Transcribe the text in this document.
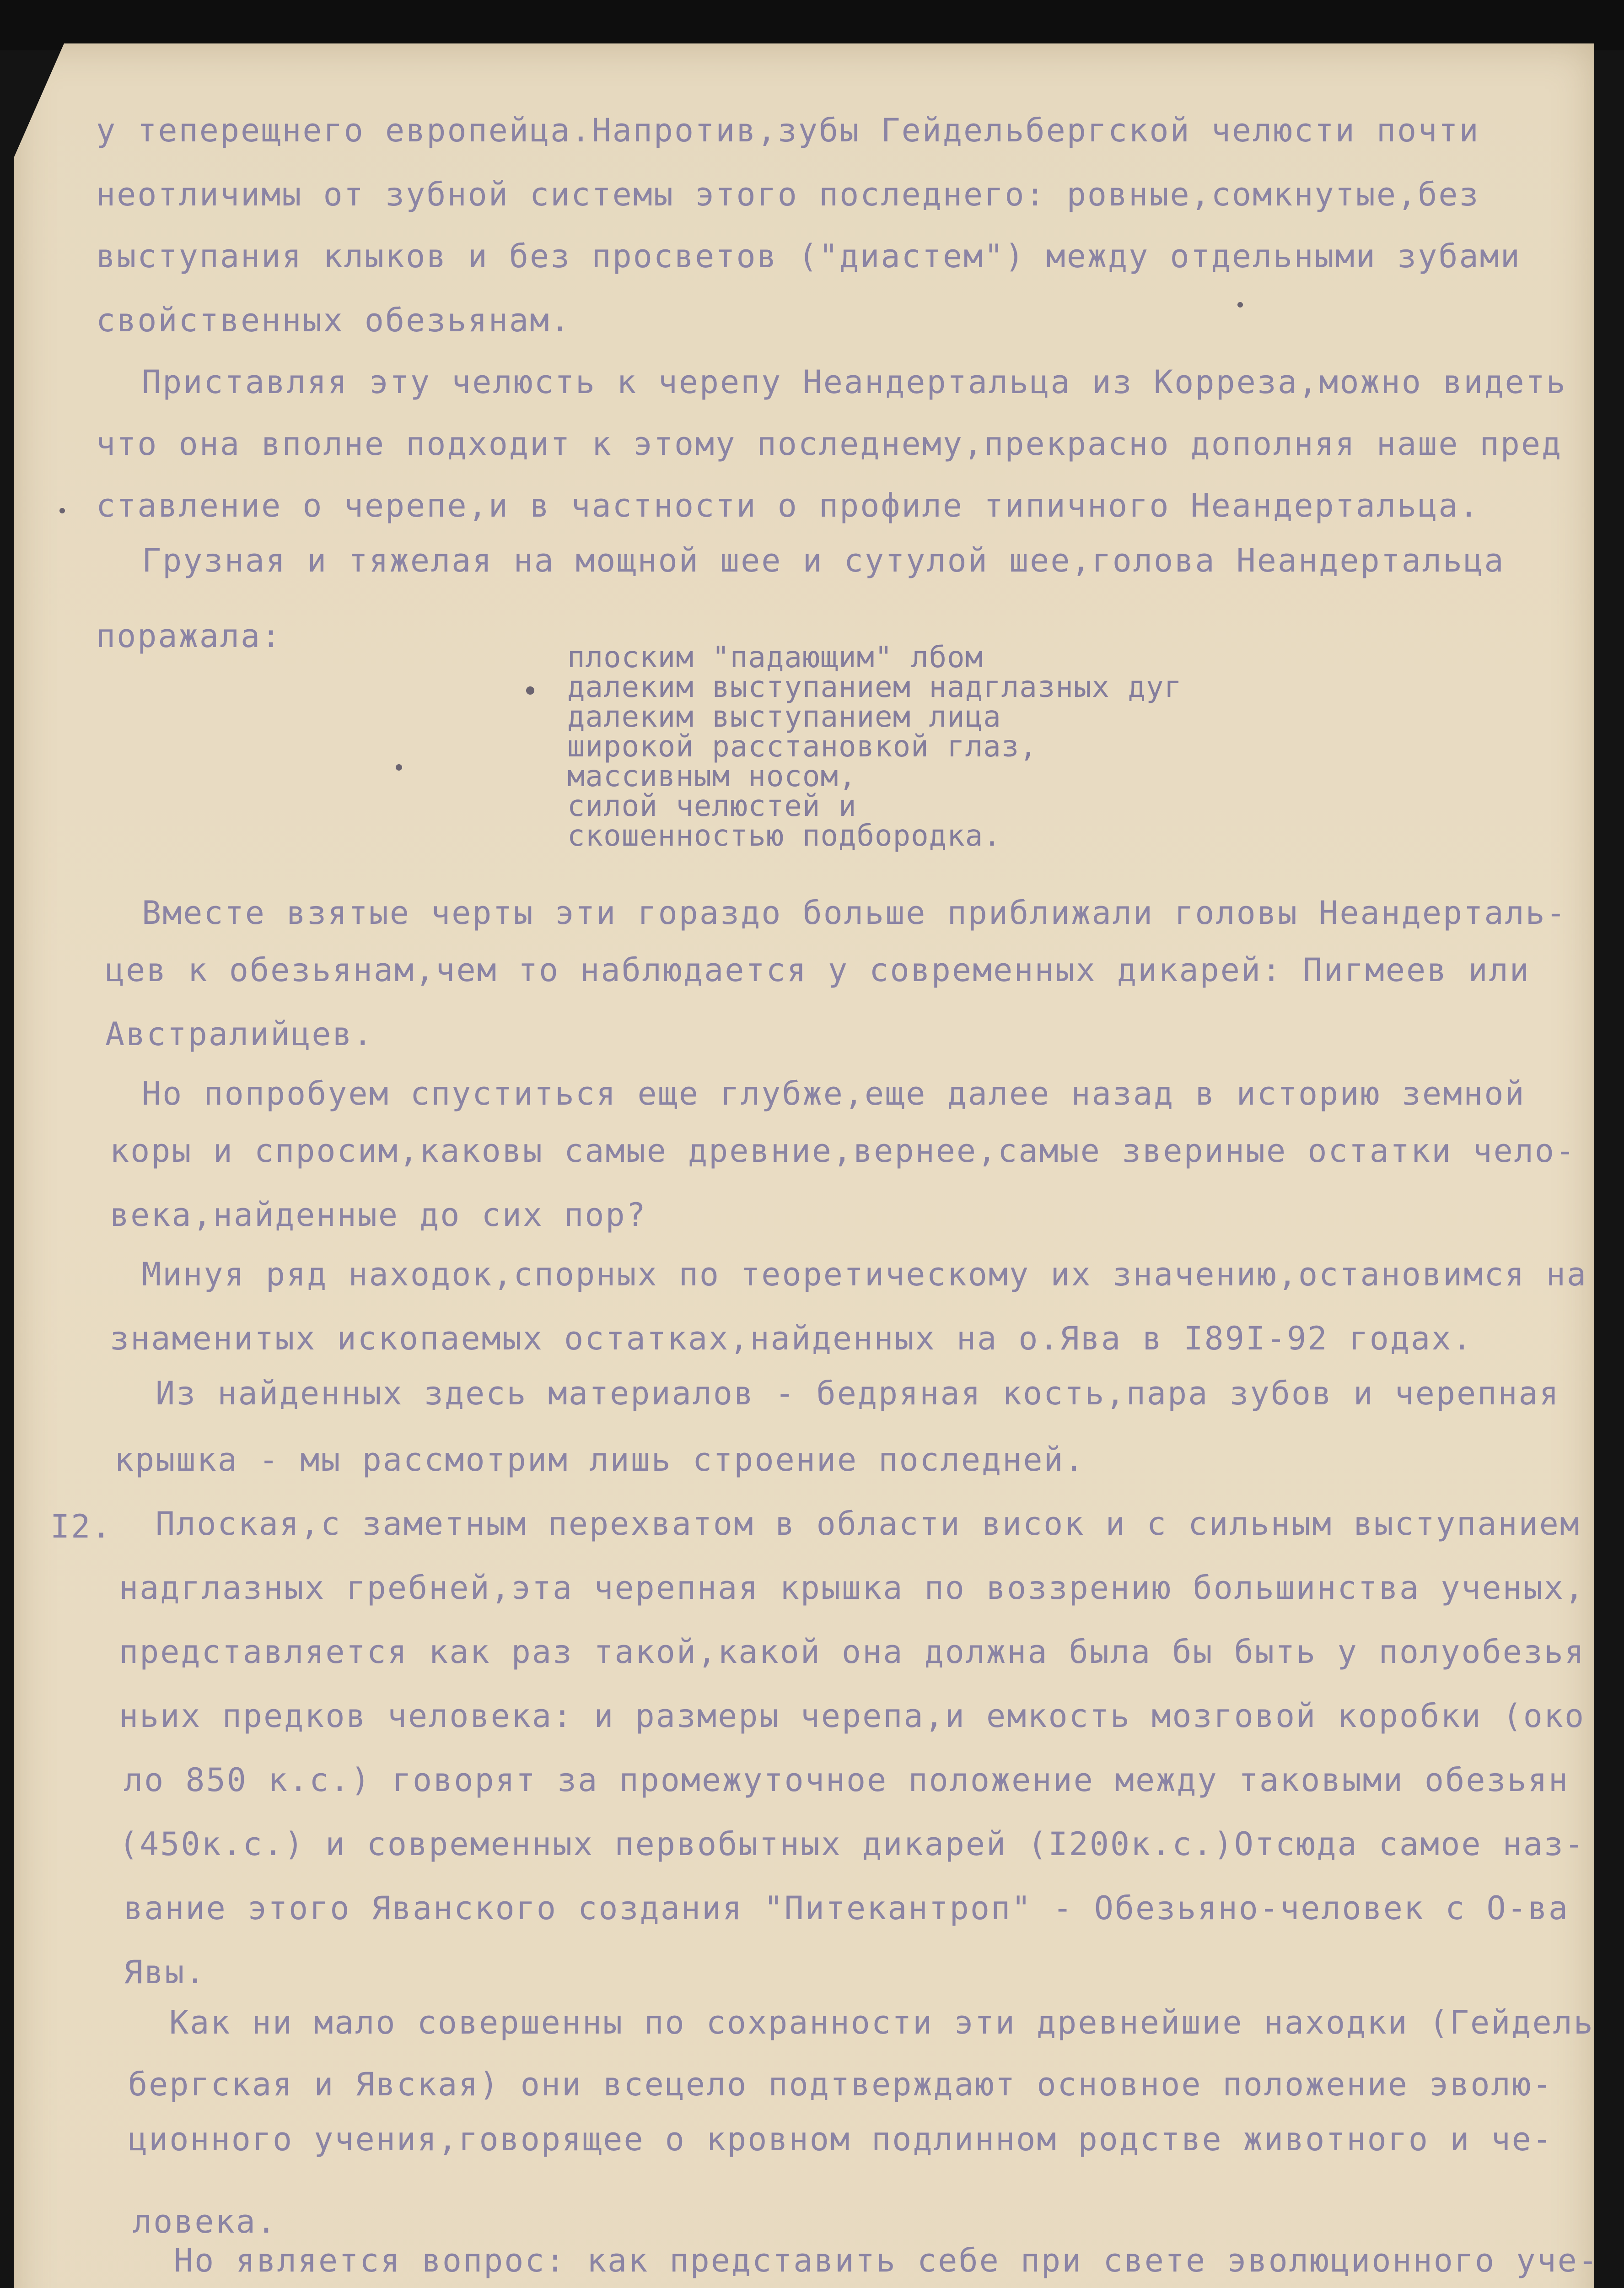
у теперещнего европейца.Напротив,зубы Гейдельбергской челюсти почти
неотличимы от зубной системы этого последнего: ровные,сомкнутые,без
выступания клыков и без просветов ("диастем") между отдельными зубами
свойственных обезьянам.
Приставляя эту челюсть к черепу Неандертальца из Корреза,можно видеть
что она вполне подходит к этому последнему,прекрасно дополняя наше пред
ставление о черепе,и в частности о профиле типичного Неандертальца.
Грузная и тяжелая на мощной шее и сутулой шее,голова Неандертальца
поражала:
плоским "падающим" лбом
далеким выступанием надглазных дуг
далеким выступанием лица
широкой расстановкой глаз,
массивным носом,
силой челюстей и
скошенностью подбородка.
Вместе взятые черты эти гораздо больше приближали головы Неандерталь-
цев к обезьянам,чем то наблюдается у современных дикарей: Пигмеев или
Австралийцев.
Но попробуем спуститься еще глубже,еще далее назад в историю земной
коры и спросим,каковы самые древние,вернее,самые звериные остатки чело-
века,найденные до сих пор?
Минуя ряд находок,спорных по теоретическому их значению,остановимся на
знаменитых ископаемых остатках,найденных на о.Ява в I89I-92 годах.
Из найденных здесь материалов - бедряная кость,пара зубов и черепная
крышка - мы рассмотрим лишь строение последней.
I2. Плоская,с заметным перехватом в области висок и с сильным выступанием
надглазных гребней,эта черепная крышка по воззрению большинства ученых,
представляется как раз такой,какой она должна была бы быть у полуобезья
ньих предков человека: и размеры черепа,и емкость мозговой коробки (око
ло 850 к.с.) говорят за промежуточное положение между таковыми обезьян
(450к.с.) и современных первобытных дикарей (I200к.с.)Отсюда самое наз-
вание этого Яванского создания "Питекантроп" - Обезьяно-человек с О-ва
Явы.
Как ни мало совершенны по сохранности эти древнейшие находки (Гейдель
бергская и Явская) они всецело подтверждают основное положение эволю-
ционного учения,говорящее о кровном подлинном родстве животного и че-
ловека.
Но является вопрос: как представить себе при свете эволюционного уче-
